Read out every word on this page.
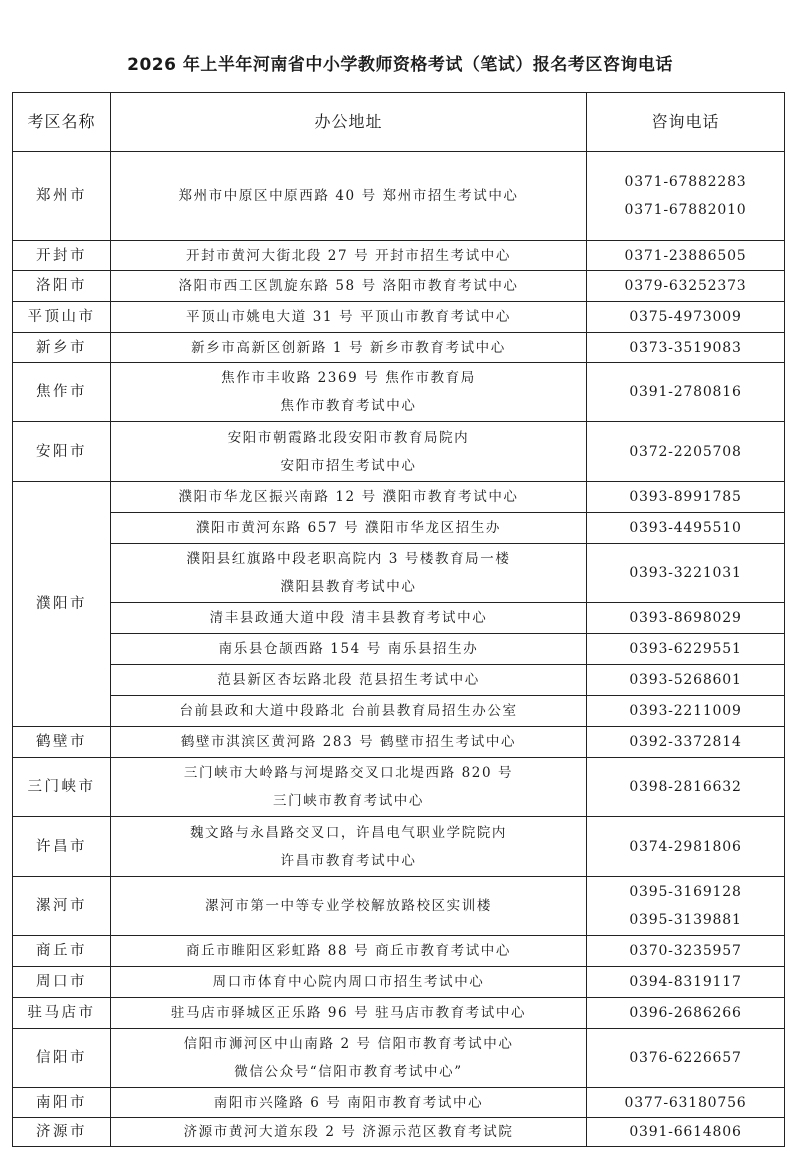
2026 年上半年河南省中小学教师资格考试（笔试）报名考区咨询电话
考区名称	办公地址	咨询电话
郑州市	郑州市中原区中原西路 40 号 郑州市招生考试中心	0371-67882283
0371-67882010

开封市	开封市黄河大街北段 27 号 开封市招生考试中心	0371-23886505

洛阳市	洛阳市西工区凯旋东路 58 号 洛阳市教育考试中心	0379-63252373

平顶山市	平顶山市姚电大道 31 号 平顶山市教育考试中心	0375-4973009

新乡市	新乡市高新区创新路 1 号 新乡市教育考试中心	0373-3519083

焦作市	焦作市丰收路 2369 号 焦作市教育局
焦作市教育考试中心	0391-2780816

安阳市	安阳市朝霞路北段安阳市教育局院内
安阳市招生考试中心	0372-2205708

濮阳市	濮阳市华龙区振兴南路 12 号 濮阳市教育考试中心	0393-8991785

	濮阳市黄河东路 657 号 濮阳市华龙区招生办	0393-4495510

	濮阳县红旗路中段老职高院内 3 号楼教育局一楼
濮阳县教育考试中心	0393-3221031

	清丰县政通大道中段 清丰县教育考试中心	0393-8698029

	南乐县仓颉西路 154 号 南乐县招生办	0393-6229551

	范县新区杏坛路北段 范县招生考试中心	0393-5268601

	台前县政和大道中段路北 台前县教育局招生办公室	0393-2211009

鹤壁市	鹤壁市淇滨区黄河路 283 号 鹤壁市招生考试中心	0392-3372814

三门峡市	三门峡市大岭路与河堤路交叉口北堤西路 820 号
三门峡市教育考试中心	0398-2816632

许昌市	魏文路与永昌路交叉口，许昌电气职业学院院内
许昌市教育考试中心	0374-2981806

漯河市	漯河市第一中等专业学校解放路校区实训楼	0395-3169128
0395-3139881

商丘市	商丘市睢阳区彩虹路 88 号 商丘市教育考试中心	0370-3235957

周口市	周口市体育中心院内周口市招生考试中心	0394-8319117

驻马店市	驻马店市驿城区正乐路 96 号 驻马店市教育考试中心	0396-2686266

信阳市	信阳市浉河区中山南路 2 号 信阳市教育考试中心
微信公众号“信阳市教育考试中心”	0376-6226657

南阳市	南阳市兴隆路 6 号 南阳市教育考试中心	0377-63180756

济源市	济源市黄河大道东段 2 号 济源示范区教育考试院	0391-6614806
